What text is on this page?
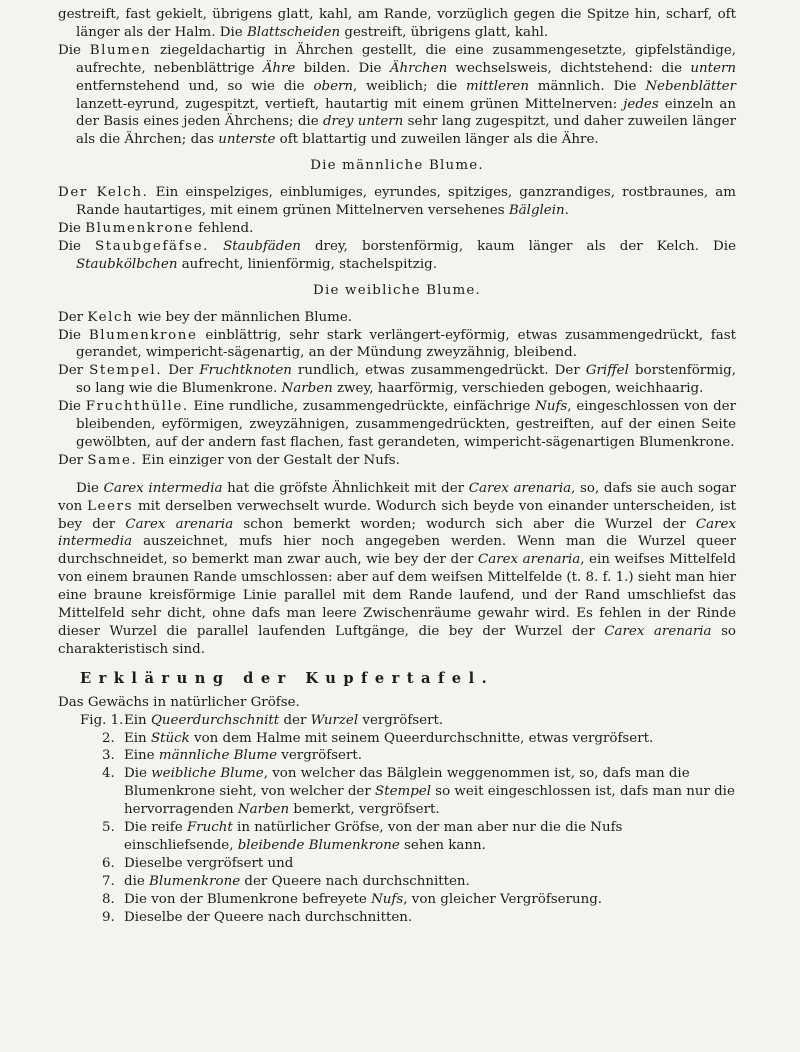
gestreift, fast gekielt, übrigens glatt, kahl, am Rande, vorzüglich gegen die Spitze hin, scharf, oft länger als der Halm. Die Blattscheiden gestreift, übrigens glatt, kahl.

Die Blumen ziegeldachartig in Ährchen gestellt, die eine zusammengesetzte, gipfelständige, aufrechte, nebenblättrige Ähre bilden. Die Ährchen wechselsweis, dichtstehend: die untern entfernstehend und, so wie die obern, weiblich; die mittleren männlich. Die Nebenblätter lanzett-eyrund, zugespitzt, vertieft, hautartig mit einem grünen Mittelnerven: jedes einzeln an der Basis eines jeden Ährchens; die drey untern sehr lang zugespitzt, und daher zuweilen länger als die Ährchen; das unterste oft blattartig und zuweilen länger als die Ähre.

Die männliche Blume.

Der Kelch. Ein einspelziges, einblumiges, eyrundes, spitziges, ganzrandiges, rostbraunes, am Rande hautartiges, mit einem grünen Mittelnerven versehenes Bälglein.

Die Blumenkrone fehlend.

Die Staubgefäfse. Staubfäden drey, borstenförmig, kaum länger als der Kelch. Die Staubkölbchen aufrecht, linienförmig, stachelspitzig.

Die weibliche Blume.

Der Kelch wie bey der männlichen Blume.

Die Blumenkrone einblättrig, sehr stark verlängert-eyförmig, etwas zusammengedrückt, fast gerandet, wimpericht-sägenartig, an der Mündung zweyzähnig, bleibend.

Der Stempel. Der Fruchtknoten rundlich, etwas zusammengedrückt. Der Griffel borstenförmig, so lang wie die Blumenkrone. Narben zwey, haarförmig, verschieden gebogen, weichhaarig.

Die Fruchthülle. Eine rundliche, zusammengedrückte, einfächrige Nufs, eingeschlossen von der bleibenden, eyförmigen, zweyzähnigen, zusammengedrückten, gestreiften, auf der einen Seite gewölbten, auf der andern fast flachen, fast gerandeten, wimpericht-sägenartigen Blumenkrone.

Der Same. Ein einziger von der Gestalt der Nufs.

Die Carex intermedia hat die gröfste Ähnlichkeit mit der Carex arenaria, so, dafs sie auch sogar von Leers mit derselben verwechselt wurde. Wodurch sich beyde von einander unterscheiden, ist bey der Carex arenaria schon bemerkt worden; wodurch sich aber die Wurzel der Carex intermedia auszeichnet, mufs hier noch angegeben werden. Wenn man die Wurzel queer durchschneidet, so bemerkt man zwar auch, wie bey der der Carex arenaria, ein weifses Mittelfeld von einem braunen Rande umschlossen: aber auf dem weifsen Mittelfelde (t. 8. f. 1.) sieht man hier eine braune kreisförmige Linie parallel mit dem Rande laufend, und der Rand umschliefst das Mittelfeld sehr dicht, ohne dafs man leere Zwischenräume gewahr wird. Es fehlen in der Rinde dieser Wurzel die parallel laufenden Luftgänge, die bey der Wurzel der Carex arenaria so charakteristisch sind.

Erklärung der Kupfertafel.

Das Gewächs in natürlicher Gröfse.

Fig. 1.Ein Queerdurchschnitt der Wurzel vergröfsert.
2. Ein Stück von dem Halme mit seinem Queerdurchschnitte, etwas vergröfsert.
3. Eine männliche Blume vergröfsert.
4. Die weibliche Blume, von welcher das Bälglein weggenommen ist, so, dafs man die Blumenkrone sieht, von welcher der Stempel so weit eingeschlossen ist, dafs man nur die hervorragenden Narben bemerkt, vergröfsert.
5. Die reife Frucht in natürlicher Gröfse, von der man aber nur die die Nufs einschliefsende, bleibende Blumenkrone sehen kann.
6. Dieselbe vergröfsert und
7. die Blumenkrone der Queere nach durchschnitten.
8. Die von der Blumenkrone befreyete Nufs, von gleicher Vergröfserung.
9. Dieselbe der Queere nach durchschnitten.
